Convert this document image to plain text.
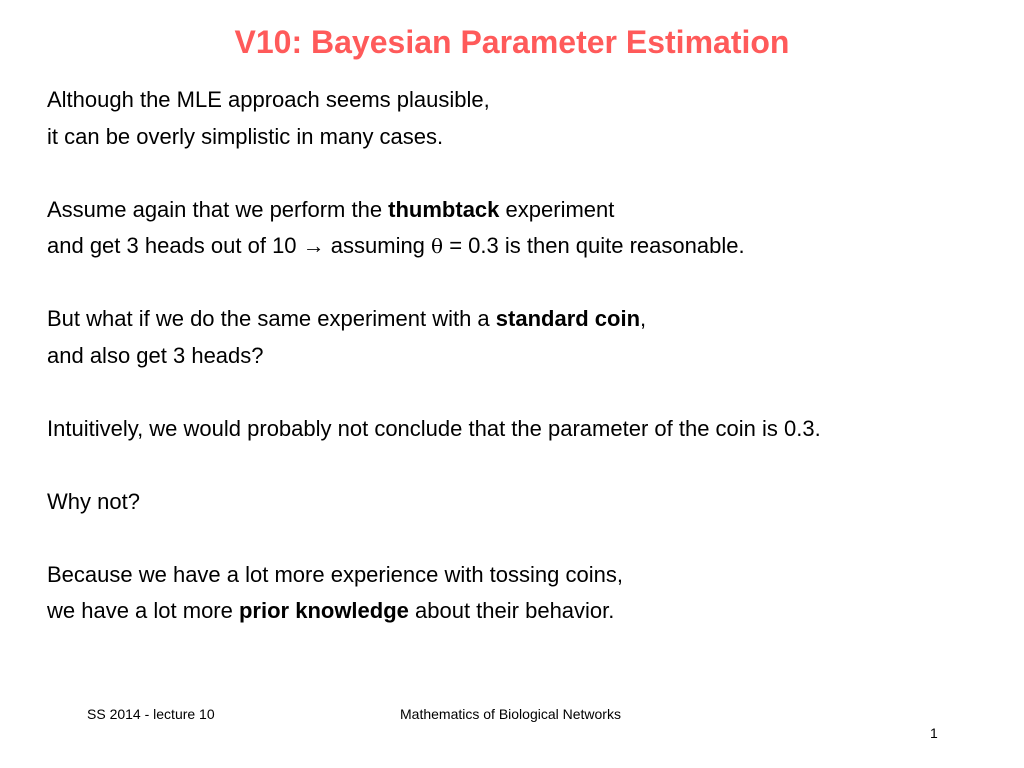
V10: Bayesian Parameter Estimation
Although the MLE approach seems plausible,
it can be overly simplistic in many cases.
Assume again that we perform the thumbtack experiment
and get 3 heads out of 10 → assuming θ = 0.3 is then quite reasonable.
But what if we do the same experiment with a standard coin,
and also get 3 heads?
Intuitively, we would probably not conclude that the parameter of the coin is 0.3.
Why not?
Because we have a lot more experience with tossing coins,
we have a lot more prior knowledge about their behavior.
SS 2014 - lecture 10	Mathematics of Biological Networks
1
